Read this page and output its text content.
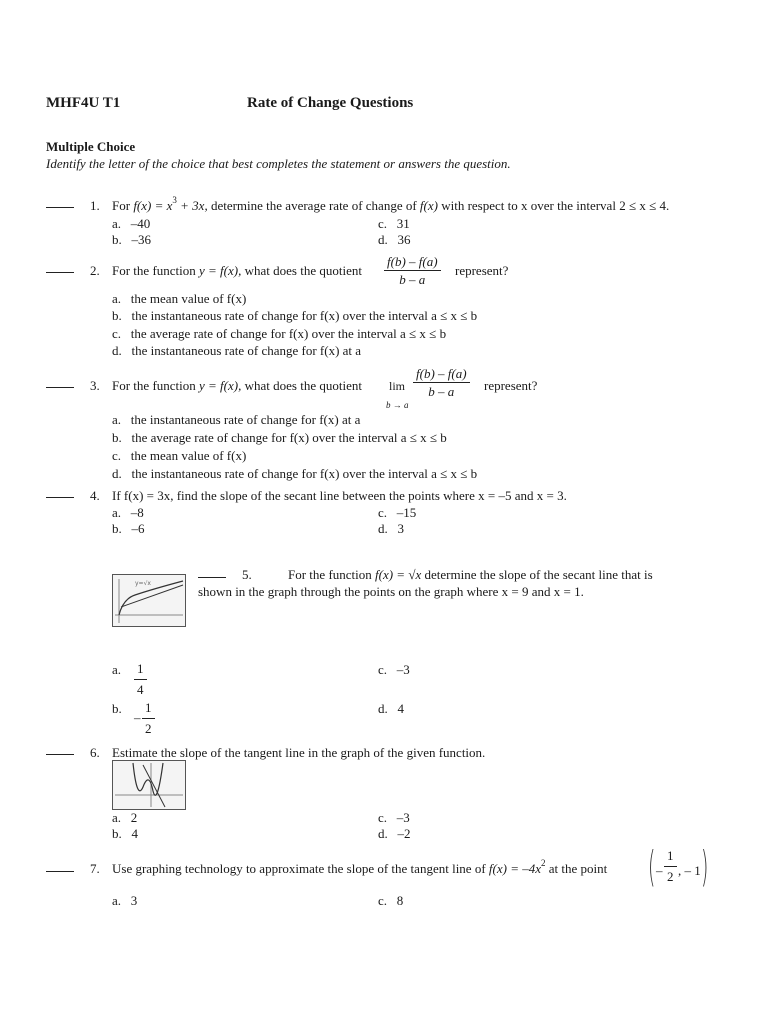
MHF4U T1	Rate of Change Questions
Multiple Choice
Identify the letter of the choice that best completes the statement or answers the question.
1. For $f(x) = x^3 + 3x$, determine the average rate of change of f(x) with respect to x over the interval 2 ≤ x ≤ 4.
a. –40
b. –36
c. 31
d. 36
2. For the function y = f(x), what does the quotient $\frac{f(b) - f(a)}{b - a}$ represent?
a. the mean value of f(x)
b. the instantaneous rate of change for f(x) over the interval a ≤ x ≤ b
c. the average rate of change for f(x) over the interval a ≤ x ≤ b
d. the instantaneous rate of change for f(x) at a
3. For the function y = f(x), what does the quotient lim
b → a
$\frac{f(b) - f(a)}{b - a}$ represent?
a. the instantaneous rate of change for f(x) at a
b. the average rate of change for f(x) over the interval a ≤ x ≤ b
c. the mean value of f(x)
d. the instantaneous rate of change for f(x) over the interval a ≤ x ≤ b
4. If f(x) = 3x, find the slope of the secant line between the points where x = –5 and x = 3.
a. –8
b. –6
c. –15
d. 3
y=√x
5.	For the function f(x) = √x determine the slope of the secant line that is
shown in the graph through the points on the graph where x = 9 and x = 1.
a. $\frac{1}{4}$
b.
– $\frac{1}{2}$
c. –3
d. 4
6. Estimate the slope of the tangent line in the graph of the given function.
a. 2
b. 4
c. –3
d. –2
7. Use graphing technology to approximate the slope of the tangent line of $f(x) = -4x^2$ at the point ( – $\frac{1}{2}$ , – 1 )
a. 3	c. 8
